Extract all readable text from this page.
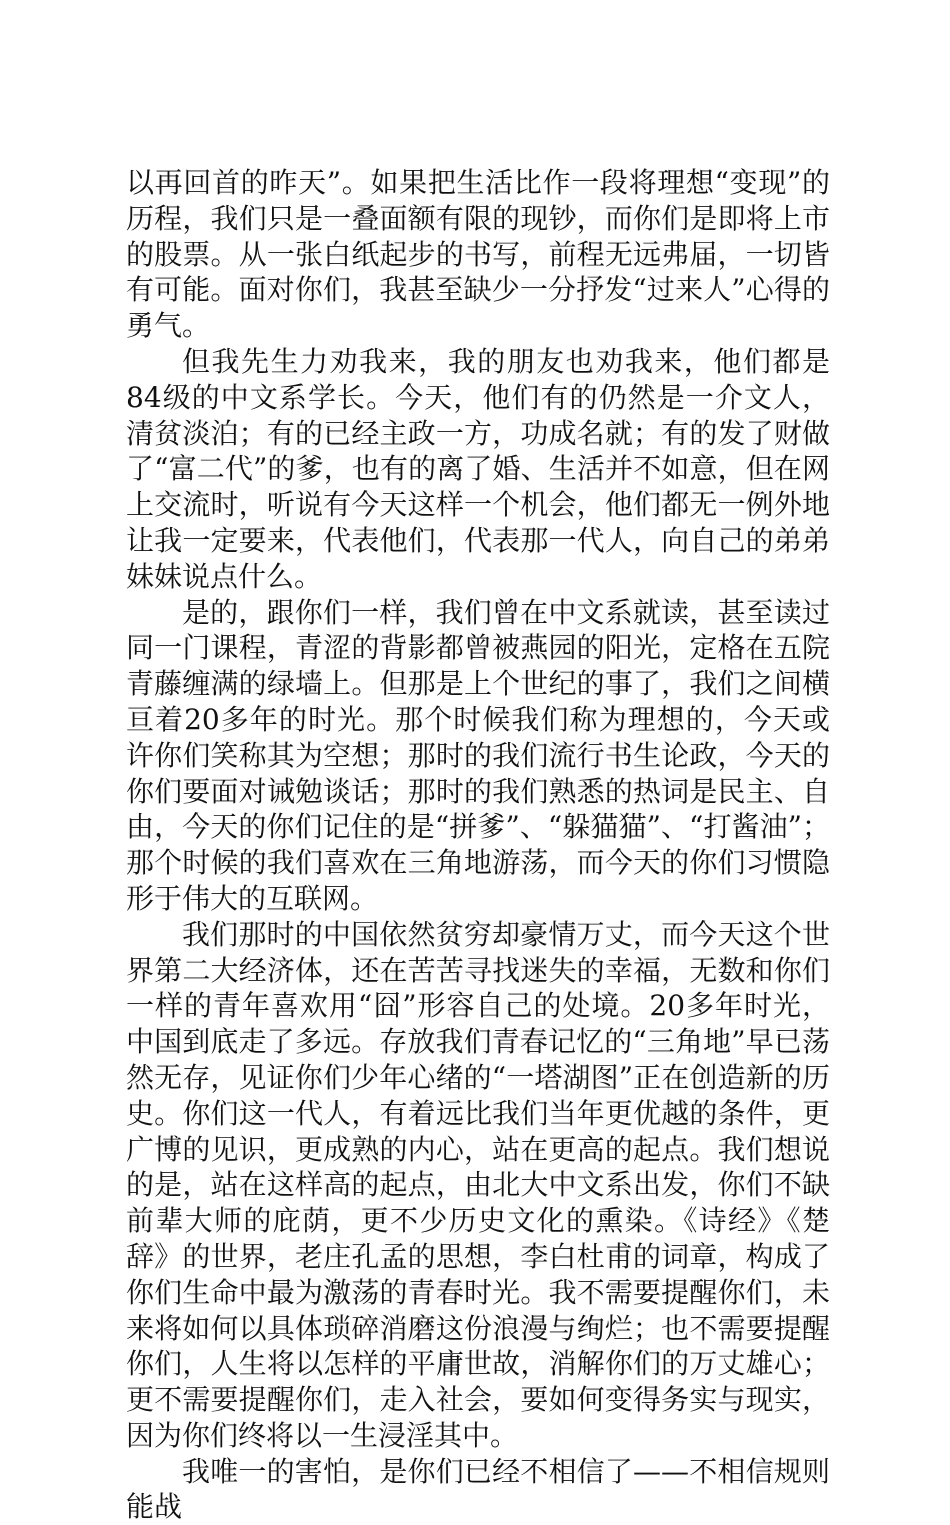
以再回首的昨天”。如果把生活比作一段将理想“变现”的历程，我们只是一叠面额有限的现钞，而你们是即将上市的股票。从一张白纸起步的书写，前程无远弗届，一切皆有可能。面对你们，我甚至缺少一分抒发“过来人”心得的勇气。

但我先生力劝我来，我的朋友也劝我来，他们都是84级的中文系学长。今天，他们有的仍然是一介文人，清贫淡泊；有的已经主政一方，功成名就；有的发了财做了“富二代”的爹，也有的离了婚、生活并不如意，但在网上交流时，听说有今天这样一个机会，他们都无一例外地让我一定要来，代表他们，代表那一代人，向自己的弟弟妹妹说点什么。

是的，跟你们一样，我们曾在中文系就读，甚至读过同一门课程，青涩的背影都曾被燕园的阳光，定格在五院青藤缠满的绿墙上。但那是上个世纪的事了，我们之间横亘着20多年的时光。那个时候我们称为理想的，今天或许你们笑称其为空想；那时的我们流行书生论政，今天的你们要面对诫勉谈话；那时的我们熟悉的热词是民主、自由，今天的你们记住的是“拼爹”、“躲猫猫”、“打酱油”；那个时候的我们喜欢在三角地游荡，而今天的你们习惯隐形于伟大的互联网。

我们那时的中国依然贫穷却豪情万丈，而今天这个世界第二大经济体，还在苦苦寻找迷失的幸福，无数和你们一样的青年喜欢用“囧”形容自己的处境。20多年时光，中国到底走了多远。存放我们青春记忆的“三角地”早已荡然无存，见证你们少年心绪的“一塔湖图”正在创造新的历史。你们这一代人，有着远比我们当年更优越的条件，更广博的见识，更成熟的内心，站在更高的起点。我们想说的是，站在这样高的起点，由北大中文系出发，你们不缺前辈大师的庇荫，更不少历史文化的熏染。《诗经》《楚辞》的世界，老庄孔孟的思想，李白杜甫的词章，构成了你们生命中最为激荡的青春时光。我不需要提醒你们，未来将如何以具体琐碎消磨这份浪漫与绚烂；也不需要提醒你们，人生将以怎样的平庸世故，消解你们的万丈雄心；更不需要提醒你们，走入社会，要如何变得务实与现实，因为你们终将以一生浸淫其中。

我唯一的害怕，是你们已经不相信了——不相信规则能战
